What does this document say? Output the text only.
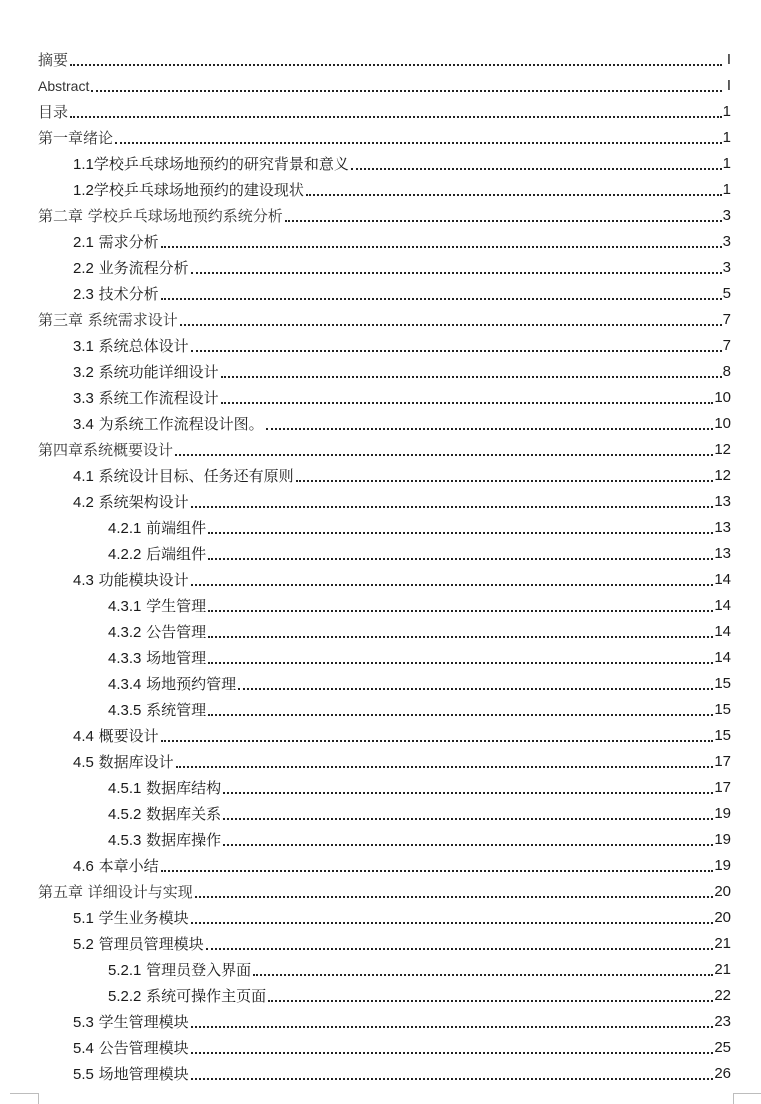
摘要	I
Abstract	I
目录	1
第一章绪论	1
1.1学校乒乓球场地预约的研究背景和意义	1
1.2学校乒乓球场地预约的建设现状	1
第二章 学校乒乓球场地预约系统分析	3
2.1 需求分析	3
2.2 业务流程分析	3
2.3 技术分析	5
第三章 系统需求设计	7
3.1 系统总体设计	7
3.2 系统功能详细设计	8
3.3 系统工作流程设计	10
3.4 为系统工作流程设计图。	10
第四章系统概要设计	12
4.1 系统设计目标、任务还有原则	12
4.2 系统架构设计	13
4.2.1 前端组件	13
4.2.2 后端组件	13
4.3 功能模块设计	14
4.3.1 学生管理	14
4.3.2 公告管理	14
4.3.3 场地管理	14
4.3.4 场地预约管理	15
4.3.5 系统管理	15
4.4 概要设计	15
4.5 数据库设计	17
4.5.1 数据库结构	17
4.5.2 数据库关系	19
4.5.3 数据库操作	19
4.6 本章小结	19
第五章 详细设计与实现	20
5.1 学生业务模块	20
5.2 管理员管理模块	21
5.2.1 管理员登入界面	21
5.2.2 系统可操作主页面	22
5.3 学生管理模块	23
5.4 公告管理模块	25
5.5 场地管理模块	26
